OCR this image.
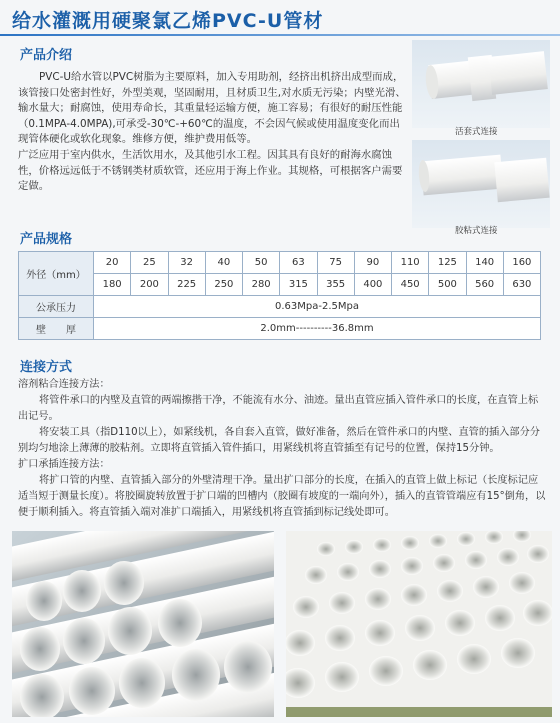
给水灌溉用硬聚氯乙烯PVC-U管材
产品介绍

PVC-U给水管以PVC树脂为主要原料，加入专用助剂，经挤出机挤出成型而成，该管接口处密封性好，外型美观，坚固耐用，且材质卫生,对水质无污染；内壁光滑、输水量大；耐腐蚀，使用寿命长，其重量轻运输方便，施工容易；有很好的耐压性能（0.1MPA-4.0MPA),可承受-30℃-+60℃的温度，不会因气候或使用温度变化而出现管体硬化或软化现象。维修方便，维护费用低等。

广泛应用于室内供水，生活饮用水，及其他引水工程。因其具有良好的耐海水腐蚀性，价格远远低于不锈钢类材质软管，还应用于海上作业。其规格，可根据客户需要定做。

活套式连接
胶粘式连接
产品规格
外径（mm）	20	25	32	40	50	63	75	90	110	125	140	160
	180	200	225	250	280	315	355	400	450	500	560	630
公承压力	0.63Mpa-2.5Mpa											
壁　　厚	2.0mm----------36.8mm											
连接方式

溶剂粘合连接方法：

将管件承口的内壁及直管的两端擦揩干净，不能流有水分、油迹。量出直管应插入管件承口的长度，在直管上标出记号。

将安装工具（指D110以上），如紧线机，各自套入直管，做好准备，然后在管件承口的内壁、直管的插入部分分别均匀地涂上薄薄的胶粘剂。立即将直管插入管件插口，用紧线机将直管插至有记号的位置，保持15分钟。

扩口承插连接方法：

将扩口管的内壁、直管插入部分的外壁清理干净。量出扩口部分的长度，在插入的直管上做上标记（长度标记应适当短于测量长度）。将胶圈旋转放置于扩口端的凹槽内（胶圈有坡度的一端向外），插入的直管管端应有15°倒角，以便于顺利插入。将直管插入端对准扩口端插入，用紧线机将直管插到标记线处即可。
